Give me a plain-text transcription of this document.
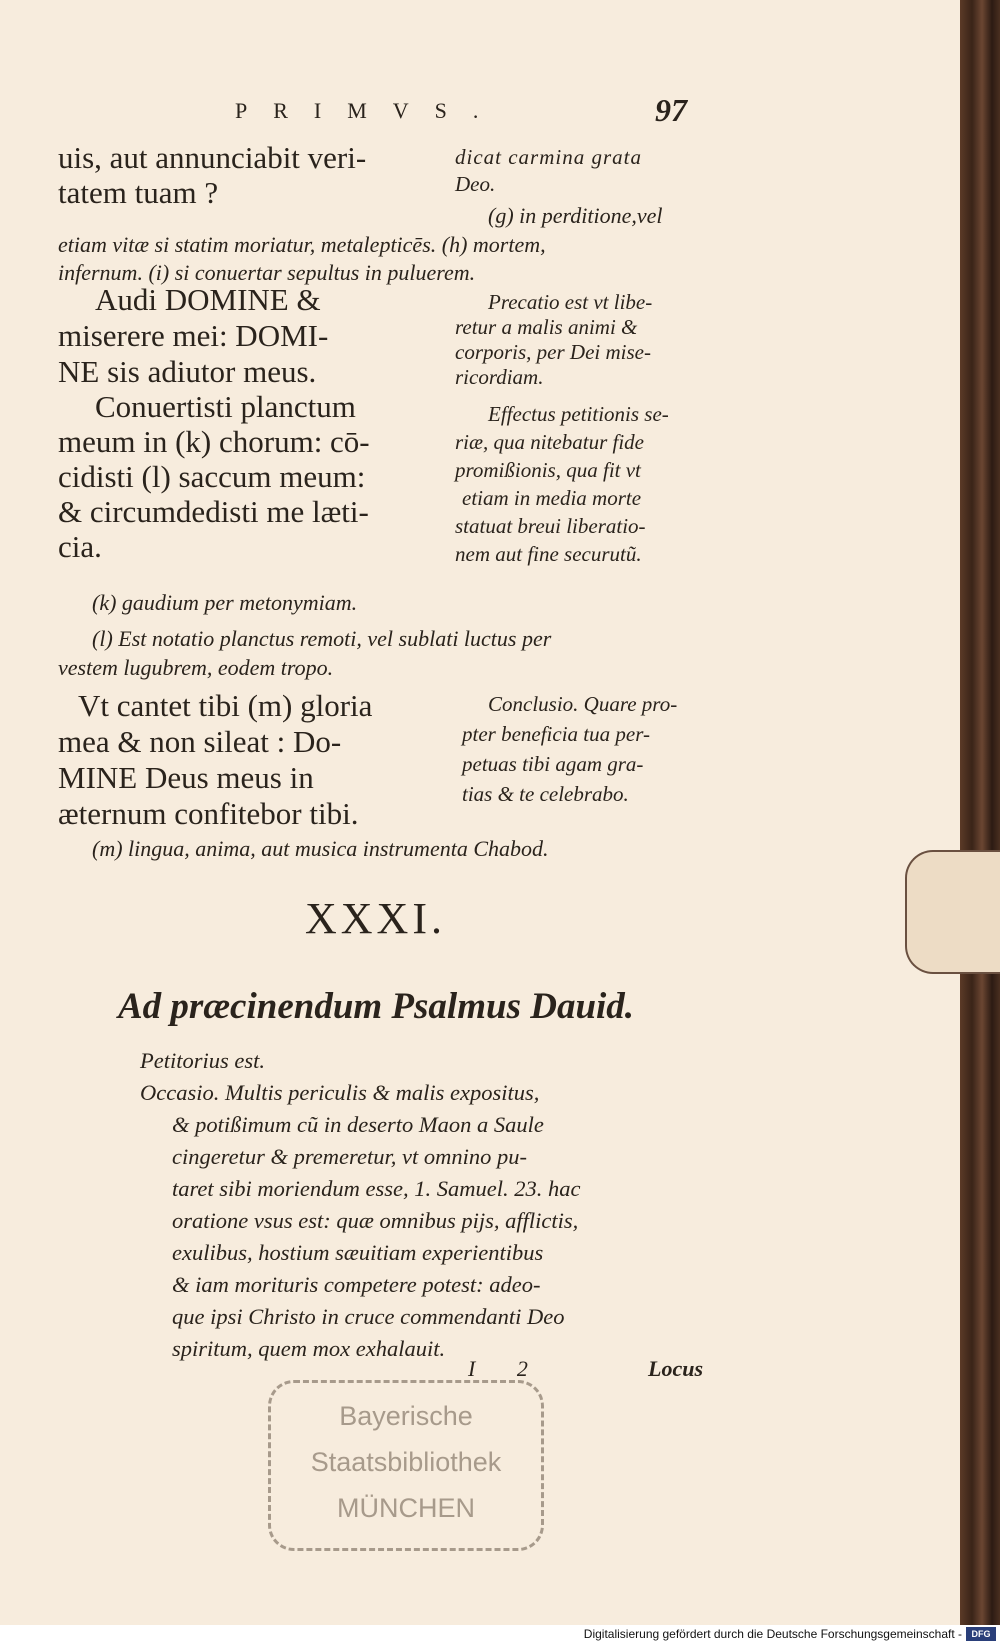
PRIMVS.	97
uis, aut annunciabit veri-
tatem tuam ?
dicat carmina grata
Deo.
(g) in perditione,vel
etiam vitæ si statim moriatur, metalepticēs. (h) mortem,
infernum. (i) si conuertar sepultus in puluerem.
Audi DOMINE &
miserere mei: DOMI-
NE sis adiutor meus.
Precatio est vt libe-
retur a malis animi &
corporis, per Dei mise-
ricordiam.
Conuertisti planctum
meum in (k) chorum: cō-
cidisti (l) saccum meum:
& circumdedisti me læti-
cia.
Effectus petitionis se-
riæ, qua nitebatur fide
promißionis, qua fit vt
etiam in media morte
statuat breui liberatio-
nem aut fine securutũ.
(k) gaudium per metonymiam.
(l) Est notatio planctus remoti, vel sublati luctus per
vestem lugubrem, eodem tropo.
Vt cantet tibi (m) gloria
mea & non sileat : Do-
MINE Deus meus in
æternum confitebor tibi.
Conclusio. Quare pro-
pter beneficia tua per-
petuas tibi agam gra-
tias & te celebrabo.
(m) lingua, anima, aut musica instrumenta Chabod.
XXXI.
Ad præcinendum Psalmus Dauid.
Petitorius est.
Occasio. Multis periculis & malis expositus,
& potißimum cũ in deserto Maon a Saule
cingeretur & premeretur, vt omnino pu-
taret sibi moriendum esse, 1. Samuel. 23. hac
oratione vsus est: quæ omnibus pijs, afflictis,
exulibus, hostium sæuitiam experientibus
& iam morituris competere potest: adeo-
que ipsi Christo in cruce commendanti Deo
spiritum, quem mox exhalauit.
I 2	Locus
Bayerische
Staatsbibliothek
MÜNCHEN
Digitalisierung gefördert durch die Deutsche Forschungsgemeinschaft -	DFG
